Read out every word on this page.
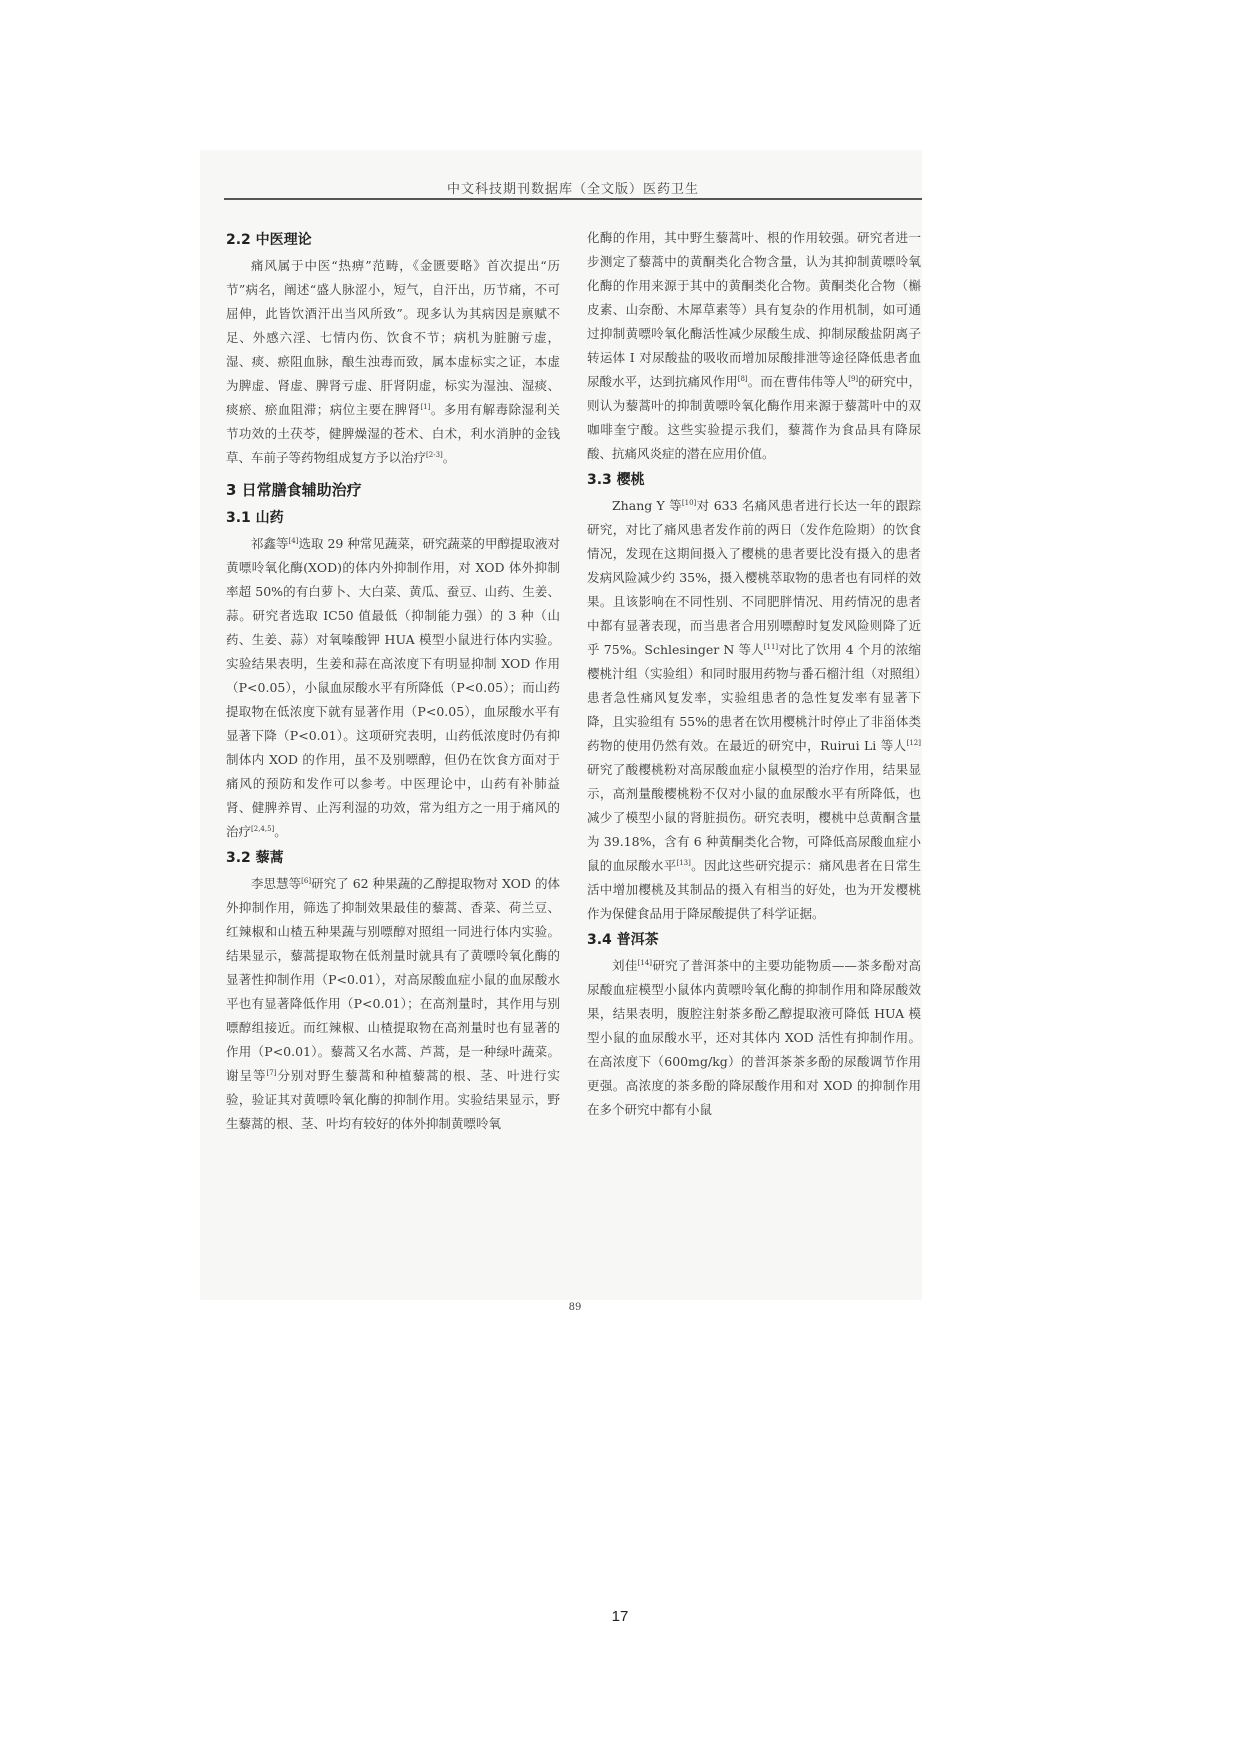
中文科技期刊数据库（全文版）医药卫生
2.2 中医理论

痛风属于中医“热痹”范畴，《金匮要略》首次提出“历节”病名，阐述“盛人脉涩小，短气，自汗出，历节痛，不可屈伸，此皆饮酒汗出当风所致”。现多认为其病因是禀赋不足、外感六淫、七情内伤、饮食不节；病机为脏腑亏虚，湿、痰、瘀阻血脉，酿生浊毒而致，属本虚标实之证，本虚为脾虚、肾虚、脾肾亏虚、肝肾阴虚，标实为湿浊、湿痰、痰瘀、瘀血阻滞；病位主要在脾肾[1]。多用有解毒除湿利关节功效的土茯苓，健脾燥湿的苍术、白术，利水消肿的金钱草、车前子等药物组成复方予以治疗[2-3]。

3 日常膳食辅助治疗
3.1 山药

祁鑫等[4]选取 29 种常见蔬菜，研究蔬菜的甲醇提取液对黄嘌呤氧化酶(XOD)的体内外抑制作用，对 XOD 体外抑制率超 50%的有白萝卜、大白菜、黄瓜、蚕豆、山药、生姜、蒜。研究者选取 IC50 值最低（抑制能力强）的 3 种（山药、生姜、蒜）对氧嗪酸钾 HUA 模型小鼠进行体内实验。实验结果表明，生姜和蒜在高浓度下有明显抑制 XOD 作用（P<0.05），小鼠血尿酸水平有所降低（P<0.05）；而山药提取物在低浓度下就有显著作用（P<0.05），血尿酸水平有显著下降（P<0.01）。这项研究表明，山药低浓度时仍有抑制体内 XOD 的作用，虽不及别嘌醇，但仍在饮食方面对于痛风的预防和发作可以参考。中医理论中，山药有补肺益肾、健脾养胃、止泻利湿的功效，常为组方之一用于痛风的治疗[2,4,5]。

3.2 藜蒿

李思慧等[6]研究了 62 种果蔬的乙醇提取物对 XOD 的体外抑制作用，筛选了抑制效果最佳的藜蒿、香菜、荷兰豆、红辣椒和山楂五种果蔬与别嘌醇对照组一同进行体内实验。结果显示，藜蒿提取物在低剂量时就具有了黄嘌呤氧化酶的显著性抑制作用（P<0.01），对高尿酸血症小鼠的血尿酸水平也有显著降低作用（P<0.01）；在高剂量时，其作用与别嘌醇组接近。而红辣椒、山楂提取物在高剂量时也有显著的作用（P<0.01）。藜蒿又名水蒿、芦蒿，是一种绿叶蔬菜。谢呈等[7]分别对野生藜蒿和种植藜蒿的根、茎、叶进行实验，验证其对黄嘌呤氧化酶的抑制作用。实验结果显示，野生藜蒿的根、茎、叶均有较好的体外抑制黄嘌呤氧

化酶的作用，其中野生藜蒿叶、根的作用较强。研究者进一步测定了藜蒿中的黄酮类化合物含量，认为其抑制黄嘌呤氧化酶的作用来源于其中的黄酮类化合物。黄酮类化合物（槲皮素、山奈酚、木犀草素等）具有复杂的作用机制，如可通过抑制黄嘌呤氧化酶活性减少尿酸生成、抑制尿酸盐阴离子转运体 Ⅰ 对尿酸盐的吸收而增加尿酸排泄等途径降低患者血尿酸水平，达到抗痛风作用[8]。而在曹伟伟等人[9]的研究中，则认为藜蒿叶的抑制黄嘌呤氧化酶作用来源于藜蒿叶中的双咖啡奎宁酸。这些实验提示我们，藜蒿作为食品具有降尿酸、抗痛风炎症的潜在应用价值。

3.3 樱桃

Zhang Y 等[10]对 633 名痛风患者进行长达一年的跟踪研究，对比了痛风患者发作前的两日（发作危险期）的饮食情况，发现在这期间摄入了樱桃的患者要比没有摄入的患者发病风险减少约 35%，摄入樱桃萃取物的患者也有同样的效果。且该影响在不同性别、不同肥胖情况、用药情况的患者中都有显著表现，而当患者合用别嘌醇时复发风险则降了近乎 75%。Schlesinger N 等人[11]对比了饮用 4 个月的浓缩樱桃汁组（实验组）和同时服用药物与番石榴汁组（对照组）患者急性痛风复发率，实验组患者的急性复发率有显著下降，且实验组有 55%的患者在饮用樱桃汁时停止了非甾体类药物的使用仍然有效。在最近的研究中，Ruirui Li 等人[12]研究了酸樱桃粉对高尿酸血症小鼠模型的治疗作用，结果显示，高剂量酸樱桃粉不仅对小鼠的血尿酸水平有所降低，也减少了模型小鼠的肾脏损伤。研究表明，樱桃中总黄酮含量为 39.18%，含有 6 种黄酮类化合物，可降低高尿酸血症小鼠的血尿酸水平[13]。因此这些研究提示：痛风患者在日常生活中增加樱桃及其制品的摄入有相当的好处，也为开发樱桃作为保健食品用于降尿酸提供了科学证据。

3.4 普洱茶

刘佳[14]研究了普洱茶中的主要功能物质——茶多酚对高尿酸血症模型小鼠体内黄嘌呤氧化酶的抑制作用和降尿酸效果，结果表明，腹腔注射茶多酚乙醇提取液可降低 HUA 模型小鼠的血尿酸水平，还对其体内 XOD 活性有抑制作用。在高浓度下（600mg/kg）的普洱茶茶多酚的尿酸调节作用更强。高浓度的茶多酚的降尿酸作用和对 XOD 的抑制作用在多个研究中都有小鼠

89
17
